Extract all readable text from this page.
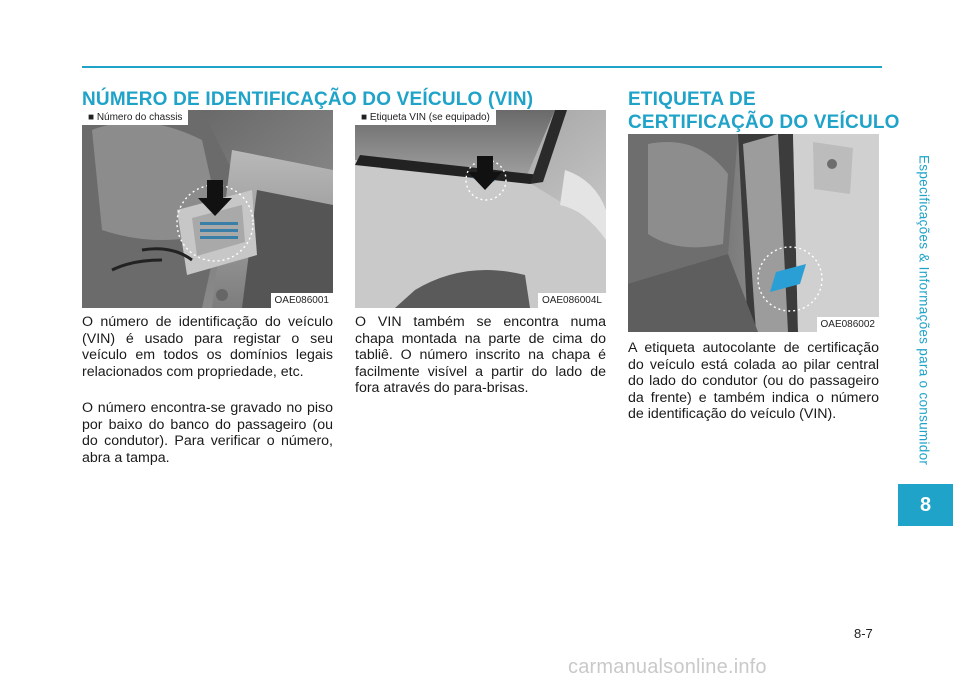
Especificações & Informações para o consumidor
8
NÚMERO DE IDENTIFICAÇÃO DO VEÍCULO (VIN)
■ Número do chassis
OAE086001
■ Etiqueta VIN (se equipado)
OAE086004L

O número de identificação do veículo (VIN) é usado para registar o seu veículo em todos os domínios legais relacionados com propriedade, etc.

O número encontra-se gravado no piso por baixo do banco do passageiro (ou do condutor). Para verificar o número, abra a tampa.

O VIN também se encontra numa chapa montada na parte de cima do tabliê. O número inscrito na chapa é facilmente visível a partir do lado de fora através do para-brisas.

ETIQUETA DE
CERTIFICAÇÃO DO VEÍCULO
OAE086002

A etiqueta autocolante de certificação do veículo está colada ao pilar central do lado do condutor (ou do passageiro da frente) e também indica o número de identificação do veículo (VIN).

8-7
carmanualsonline.info
